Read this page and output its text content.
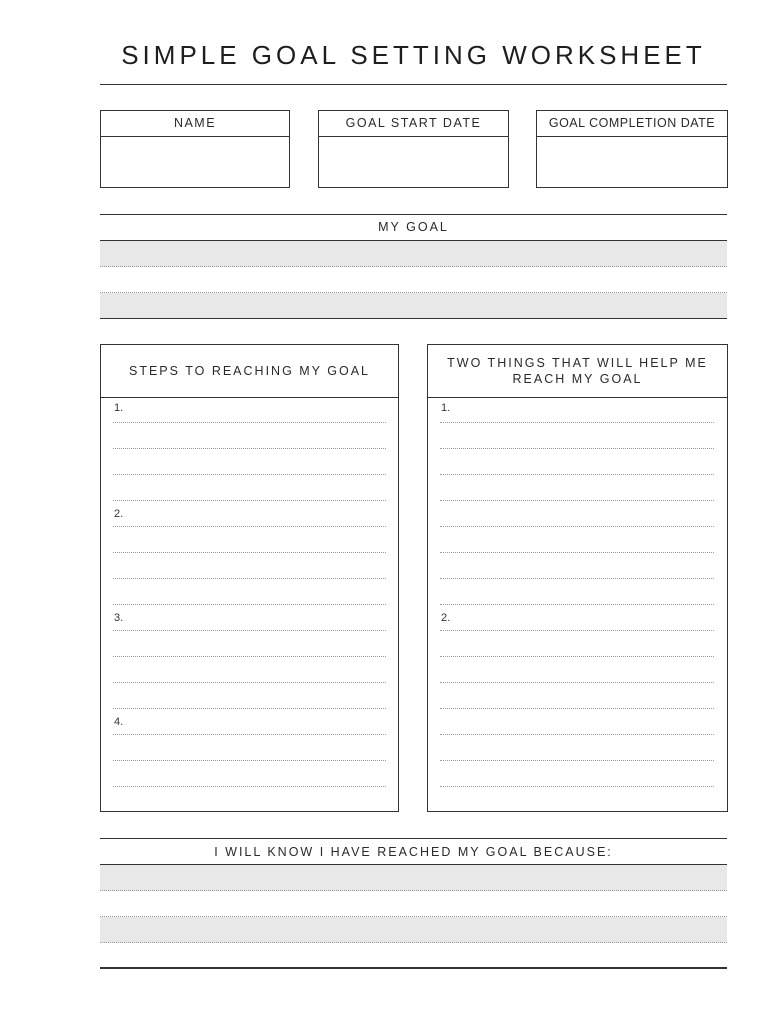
SIMPLE GOAL SETTING WORKSHEET
NAME	GOAL START DATE	GOAL COMPLETION DATE
MY GOAL
STEPS TO REACHING MY GOAL
TWO THINGS THAT WILL HELP ME REACH MY GOAL
1.
2.
3.
4.
1.
2.
I WILL KNOW I HAVE REACHED MY GOAL BECAUSE:
